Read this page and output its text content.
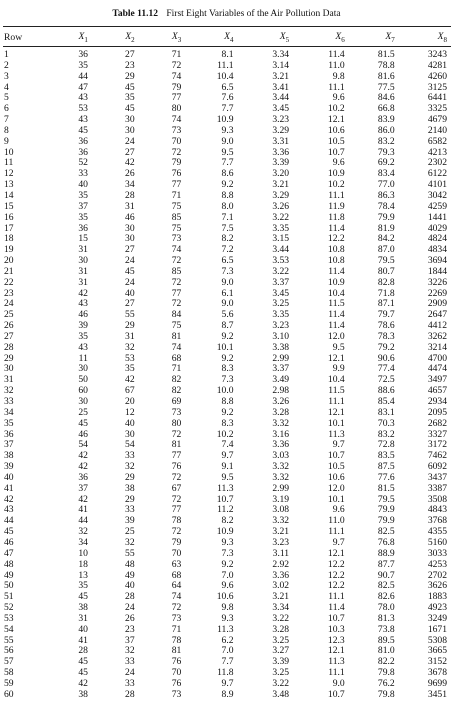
Table 11.12 First Eight Variables of the Air Pollution Data
Row	$X_1$	$X_2$	$X_3$	$X_4$	$X_5$	$X_6$	$X_7$	$X_8$

1	36	27	71	8.1	3.34	11.4	81.5	3243
2	35	23	72	11.1	3.14	11.0	78.8	4281
3	44	29	74	10.4	3.21	9.8	81.6	4260
4	47	45	79	6.5	3.41	11.1	77.5	3125
5	43	35	77	7.6	3.44	9.6	84.6	6441
6	53	45	80	7.7	3.45	10.2	66.8	3325
7	43	30	74	10.9	3.23	12.1	83.9	4679
8	45	30	73	9.3	3.29	10.6	86.0	2140
9	36	24	70	9.0	3.31	10.5	83.2	6582
10	36	27	72	9.5	3.36	10.7	79.3	4213
11	52	42	79	7.7	3.39	9.6	69.2	2302
12	33	26	76	8.6	3.20	10.9	83.4	6122
13	40	34	77	9.2	3.21	10.2	77.0	4101
14	35	28	71	8.8	3.29	11.1	86.3	3042
15	37	31	75	8.0	3.26	11.9	78.4	4259
16	35	46	85	7.1	3.22	11.8	79.9	1441
17	36	30	75	7.5	3.35	11.4	81.9	4029
18	15	30	73	8.2	3.15	12.2	84.2	4824
19	31	27	74	7.2	3.44	10.8	87.0	4834
20	30	24	72	6.5	3.53	10.8	79.5	3694
21	31	45	85	7.3	3.22	11.4	80.7	1844
22	31	24	72	9.0	3.37	10.9	82.8	3226
23	42	40	77	6.1	3.45	10.4	71.8	2269
24	43	27	72	9.0	3.25	11.5	87.1	2909
25	46	55	84	5.6	3.35	11.4	79.7	2647
26	39	29	75	8.7	3.23	11.4	78.6	4412
27	35	31	81	9.2	3.10	12.0	78.3	3262
28	43	32	74	10.1	3.38	9.5	79.2	3214
29	11	53	68	9.2	2.99	12.1	90.6	4700
30	30	35	71	8.3	3.37	9.9	77.4	4474
31	50	42	82	7.3	3.49	10.4	72.5	3497
32	60	67	82	10.0	2.98	11.5	88.6	4657
33	30	20	69	8.8	3.26	11.1	85.4	2934
34	25	12	73	9.2	3.28	12.1	83.1	2095
35	45	40	80	8.3	3.32	10.1	70.3	2682
36	46	30	72	10.2	3.16	11.3	83.2	3327
37	54	54	81	7.4	3.36	9.7	72.8	3172
38	42	33	77	9.7	3.03	10.7	83.5	7462
39	42	32	76	9.1	3.32	10.5	87.5	6092
40	36	29	72	9.5	3.32	10.6	77.6	3437
41	37	38	67	11.3	2.99	12.0	81.5	3387
42	42	29	72	10.7	3.19	10.1	79.5	3508
43	41	33	77	11.2	3.08	9.6	79.9	4843
44	44	39	78	8.2	3.32	11.0	79.9	3768
45	32	25	72	10.9	3.21	11.1	82.5	4355
46	34	32	79	9.3	3.23	9.7	76.8	5160
47	10	55	70	7.3	3.11	12.1	88.9	3033
48	18	48	63	9.2	2.92	12.2	87.7	4253
49	13	49	68	7.0	3.36	12.2	90.7	2702
50	35	40	64	9.6	3.02	12.2	82.5	3626
51	45	28	74	10.6	3.21	11.1	82.6	1883
52	38	24	72	9.8	3.34	11.4	78.0	4923
53	31	26	73	9.3	3.22	10.7	81.3	3249
54	40	23	71	11.3	3.28	10.3	73.8	1671
55	41	37	78	6.2	3.25	12.3	89.5	5308
56	28	32	81	7.0	3.27	12.1	81.0	3665
57	45	33	76	7.7	3.39	11.3	82.2	3152
58	45	24	70	11.8	3.25	11.1	79.8	3678
59	42	33	76	9.7	3.22	9.0	76.2	9699
60	38	28	73	8.9	3.48	10.7	79.8	3451
